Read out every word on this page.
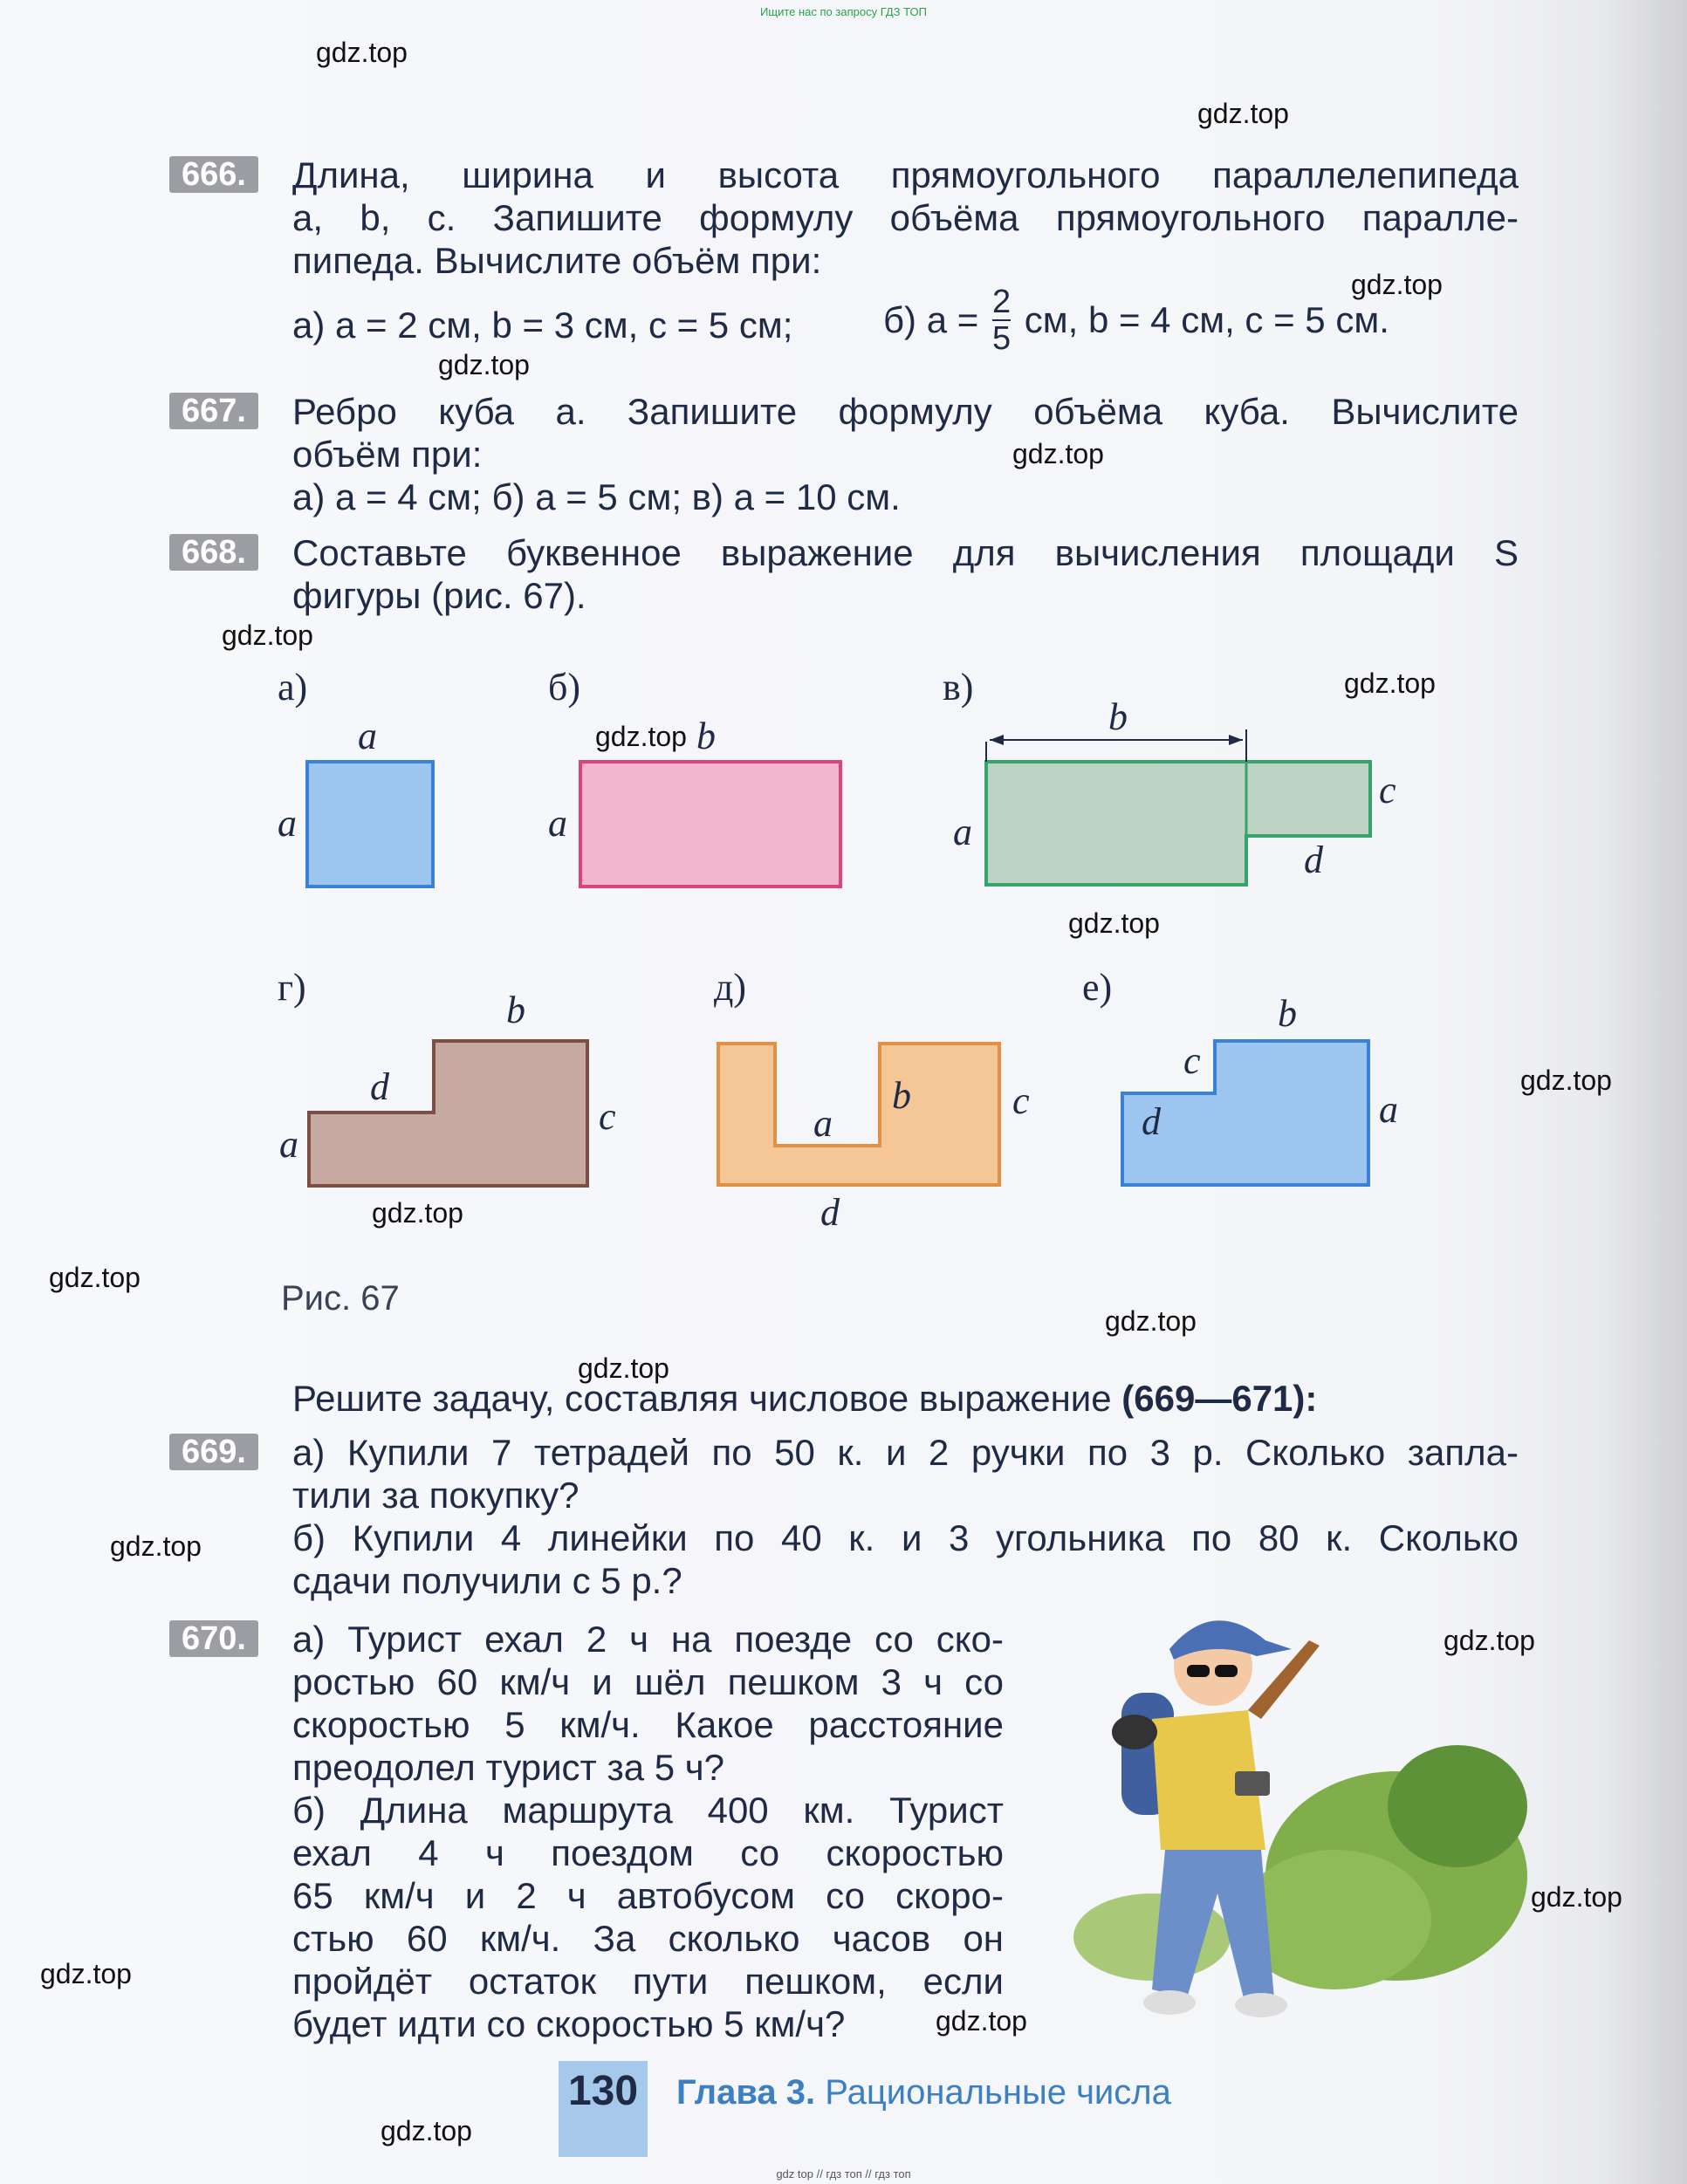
Ищите нас по запросу ГДЗ ТОП
gdz.top
gdz.top
gdz.top
gdz.top
gdz.top
gdz.top
gdz.top
gdz.top
gdz.top
gdz.top
gdz.top
gdz.top
gdz.top
gdz.top
gdz.top
gdz.top
gdz.top
gdz.top
gdz.top
gdz.top
666.	Длина, ширина и высота прямоугольного параллелепипеда
a, b, c. Запишите формулу объёма прямоугольного паралле-
пипеда. Вычислите объём при:
а) a = 2 см, b = 3 см, c = 5 см; б) $a = \frac{2}{5}$ см, b = 4 см, c = 5 см.
667.	Ребро куба a. Запишите формулу объёма куба. Вычислите
объём при:
а) a = 4 см; б) a = 5 см; в) a = 10 см.
668.	Составьте буквенное выражение для вычисления площади S
фигуры (рис. 67).
а)
a
a
б)
b
a
в)
b
a
c
d
г)
b
d
a
c
д)
b
a
c
d
е)
b
c
d	a
Рис. 67
Решите задачу, составляя числовое выражение (669—671):
669.	а) Купили 7 тетрадей по 50 к. и 2 ручки по 3 р. Сколько запла-
тили за покупку?
б) Купили 4 линейки по 40 к. и 3 угольника по 80 к. Сколько
сдачи получили с 5 р.?
670.	а) Турист ехал 2 ч на поезде со ско-
ростью 60 км/ч и шёл пешком 3 ч со
скоростью 5 км/ч. Какое расстояние
преодолел турист за 5 ч?
б) Длина маршрута 400 км. Турист
ехал 4 ч поездом со скоростью
65 км/ч и 2 ч автобусом со скоро-
стью 60 км/ч. За сколько часов он
пройдёт остаток пути пешком, если
будет идти со скоростью 5 км/ч?
130 Глава 3. Рациональные числа
gdz top // гдз топ // гдз топ
